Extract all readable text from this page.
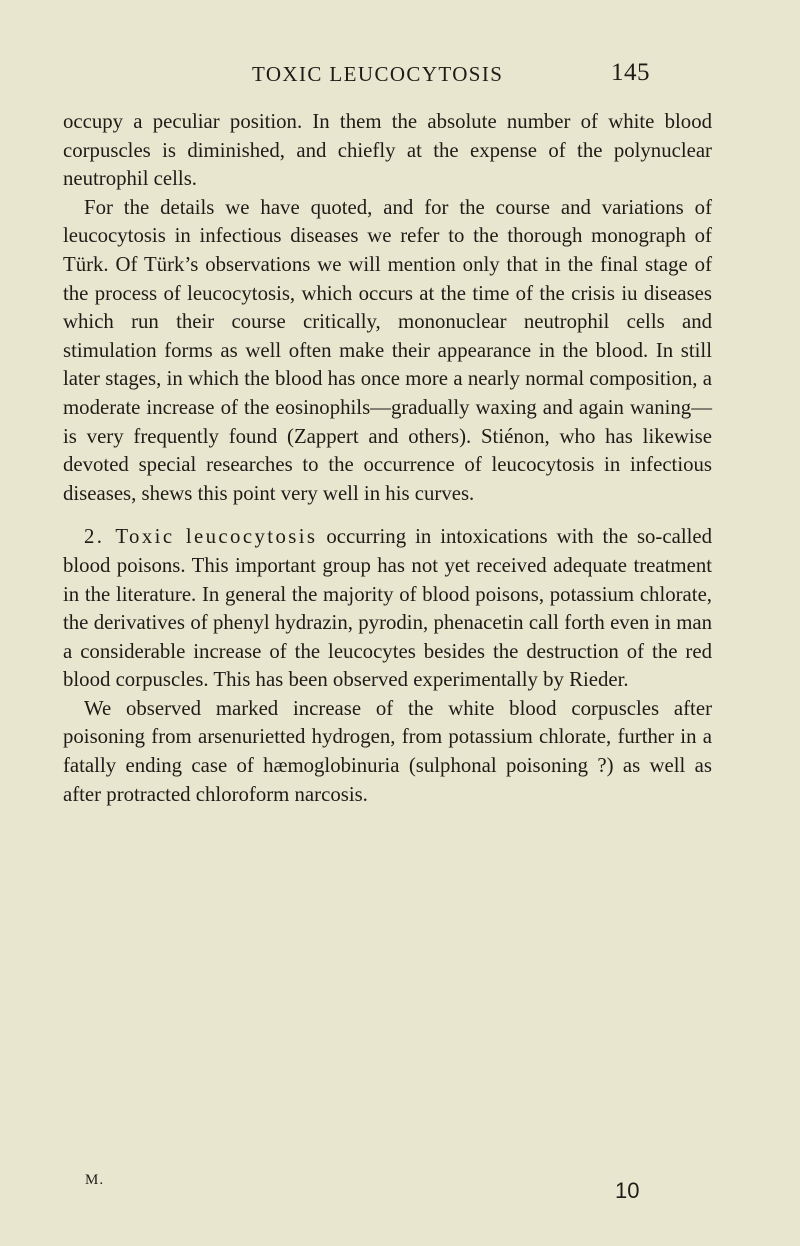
TOXIC LEUCOCYTOSIS	145

occupy a peculiar position. In them the absolute number of white blood corpuscles is diminished, and chiefly at the expense of the polynuclear neutrophil cells.

For the details we have quoted, and for the course and variations of leucocytosis in infectious diseases we refer to the thorough monograph of Türk. Of Türk’s observations we will mention only that in the final stage of the process of leucocytosis, which occurs at the time of the crisis iu diseases which run their course critically, mononuclear neutrophil cells and stimulation forms as well often make their appearance in the blood. In still later stages, in which the blood has once more a nearly normal composition, a moderate increase of the eosinophils—gradually waxing and again waning—is very frequently found (Zappert and others). Stiénon, who has likewise devoted special researches to the occurrence of leucocytosis in infectious diseases, shews this point very well in his curves.

2. Toxic leucocytosis occurring in intoxications with the so-called blood poisons. This important group has not yet received adequate treatment in the literature. In general the majority of blood poisons, potassium chlorate, the derivatives of phenyl hydrazin, pyrodin, phenacetin call forth even in man a considerable increase of the leucocytes besides the destruction of the red blood corpuscles. This has been observed experimentally by Rieder.

We observed marked increase of the white blood corpuscles after poisoning from arsenurietted hydrogen, from potassium chlorate, further in a fatally ending case of hæmoglobinuria (sulphonal poisoning ?) as well as after protracted chloroform narcosis.

M.	10
